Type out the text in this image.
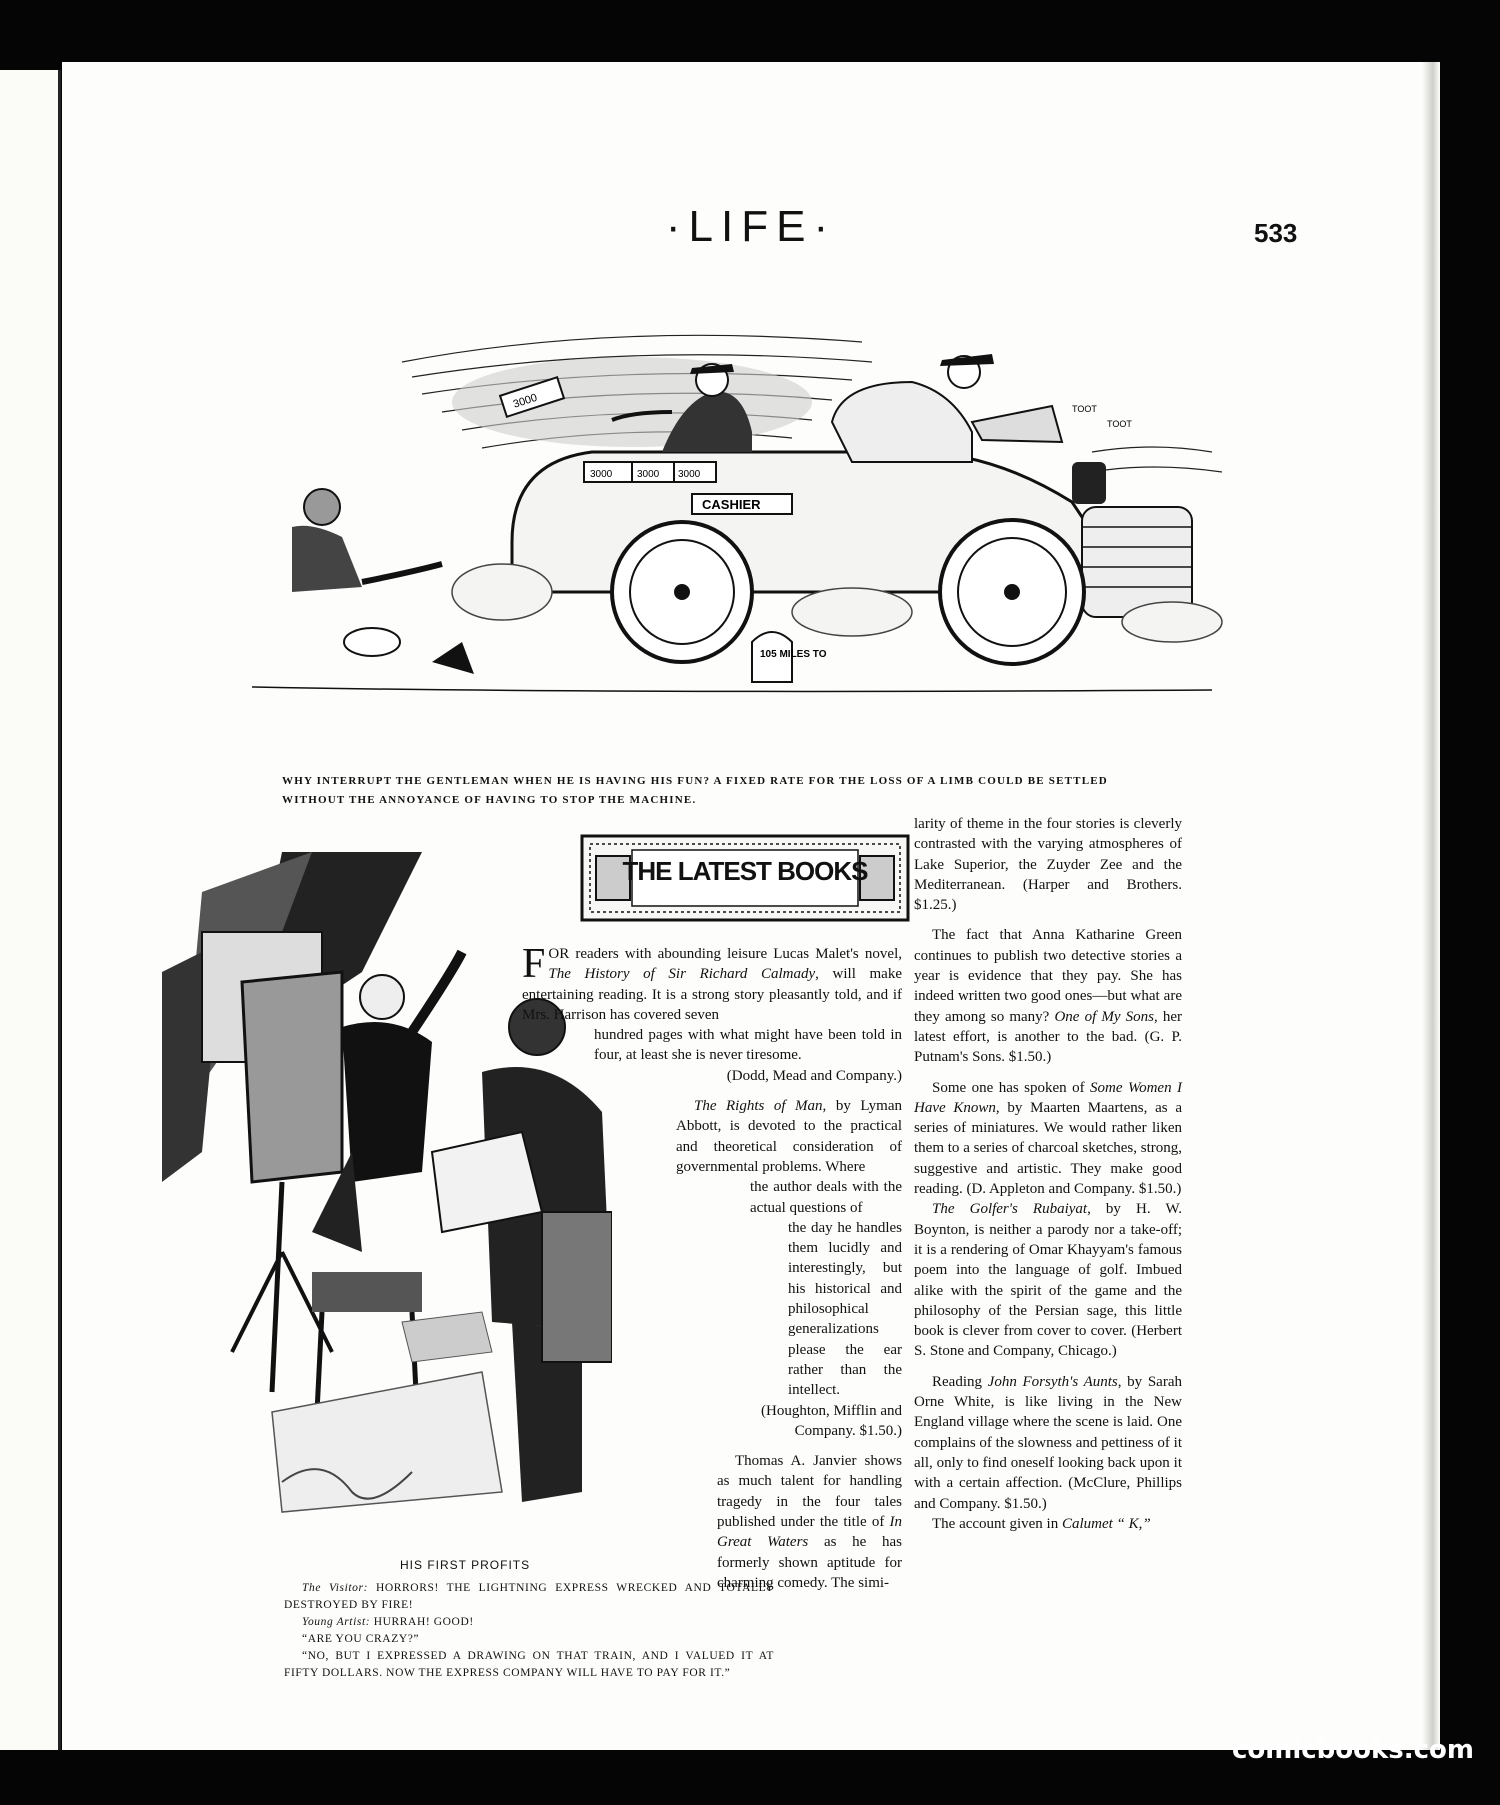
·LIFE·	533
3000 3000 3000
CASHIER
TOOT
TOOT
3000
105 MILES TO
WHY INTERRUPT THE GENTLEMAN WHEN HE IS HAVING HIS FUN? A FIXED RATE FOR THE LOSS OF A LIMB COULD BE SETTLED
WITHOUT THE ANNOYANCE OF HAVING TO STOP THE MACHINE.
THE LATEST BOOKS
HIS FIRST PROFITS

The Visitor: HORRORS! THE LIGHTNING EXPRESS WRECKED AND TOTALLY DESTROYED BY FIRE!

Young Artist: HURRAH! GOOD!

“ARE YOU CRAZY?”

“NO, BUT I EXPRESSED A DRAWING ON THAT TRAIN, AND I VALUED IT AT FIFTY DOLLARS. NOW THE EXPRESS COMPANY WILL HAVE TO PAY FOR IT.”

FOR readers with abounding leisure Lucas Malet's novel, The History of Sir Richard Calmady, will make entertaining reading. It is a strong story pleasantly told, and if Mrs. Harrison has covered seven

hundred pages with what might have been told in four, at least she is never tiresome.

(Dodd, Mead and Company.)

The Rights of Man, by Lyman Abbott, is devoted to the practical and theoretical consideration of governmental problems. Where

the author deals with the actual questions of

the day he handles them lucidly and interestingly, but his historical and philosophical generalizations please the ear rather than the intellect.

(Houghton, Mifflin and Company. $1.50.)

Thomas A. Janvier shows as much talent for handling tragedy in the four tales published under the title of In Great Waters as he has formerly shown aptitude for charming comedy. The simi-

larity of theme in the four stories is cleverly contrasted with the varying atmospheres of Lake Superior, the Zuyder Zee and the Mediterranean. (Harper and Brothers. $1.25.)

The fact that Anna Katharine Green continues to publish two detective stories a year is evidence that they pay. She has indeed written two good ones—but what are they among so many? One of My Sons, her latest effort, is another to the bad. (G. P. Putnam's Sons. $1.50.)

Some one has spoken of Some Women I Have Known, by Maarten Maartens, as a series of miniatures. We would rather liken them to a series of charcoal sketches, strong, suggestive and artistic. They make good reading. (D. Appleton and Company. $1.50.)

The Golfer's Rubaiyat, by H. W. Boynton, is neither a parody nor a take-off; it is a rendering of Omar Khayyam's famous poem into the language of golf. Imbued alike with the spirit of the game and the philosophy of the Persian sage, this little book is clever from cover to cover. (Herbert S. Stone and Company, Chicago.)

Reading John Forsyth's Aunts, by Sarah Orne White, is like living in the New England village where the scene is laid. One complains of the slowness and pettiness of it all, only to find oneself looking back upon it with a certain affection. (McClure, Phillips and Company. $1.50.)

The account given in Calumet “ K,”

comicbooks.com
